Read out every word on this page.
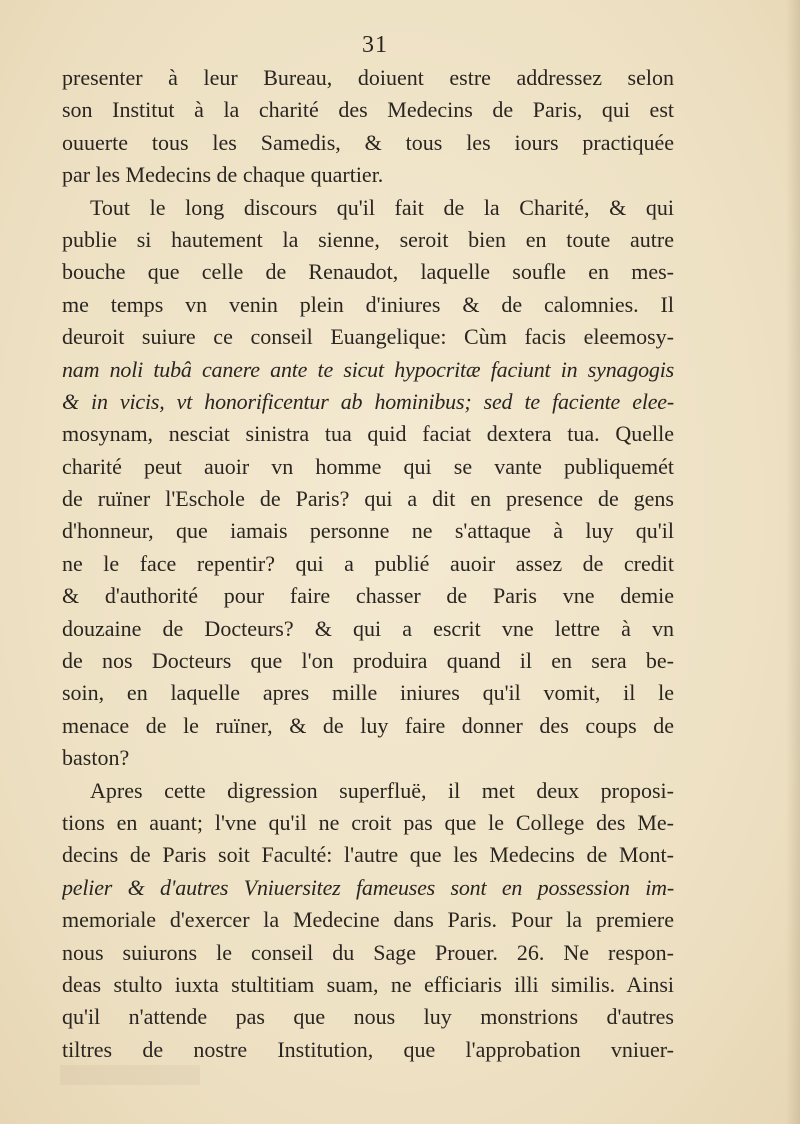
31
presenter à leur Bureau, doiuent estre addressez selon
son Institut à la charité des Medecins de Paris, qui est
ouuerte tous les Samedis, & tous les iours practiquée
par les Medecins de chaque quartier.
Tout le long discours qu'il fait de la Charité, & qui
publie si hautement la sienne, seroit bien en toute autre
bouche que celle de Renaudot, laquelle soufle en mes-
me temps vn venin plein d'iniures & de calomnies. Il
deuroit suiure ce conseil Euangelique: Cùm facis eleemosy-
nam noli tubâ canere ante te sicut hypocritæ faciunt in synagogis
& in vicis, vt honorificentur ab hominibus; sed te faciente elee-
mosynam, nesciat sinistra tua quid faciat dextera tua. Quelle
charité peut auoir vn homme qui se vante publiquemét
de ruïner l'Eschole de Paris? qui a dit en presence de gens
d'honneur, que iamais personne ne s'attaque à luy qu'il
ne le face repentir? qui a publié auoir assez de credit
& d'authorité pour faire chasser de Paris vne demie
douzaine de Docteurs? & qui a escrit vne lettre à vn
de nos Docteurs que l'on produira quand il en sera be-
soin, en laquelle apres mille iniures qu'il vomit, il le
menace de le ruïner, & de luy faire donner des coups de
baston?
Apres cette digression superfluë, il met deux proposi-
tions en auant; l'vne qu'il ne croit pas que le College des Me-
decins de Paris soit Faculté: l'autre que les Medecins de Mont-
pelier & d'autres Vniuersitez fameuses sont en possession im-
memoriale d'exercer la Medecine dans Paris. Pour la premiere
nous suiurons le conseil du Sage Prouer. 26. Ne respon-
deas stulto iuxta stultitiam suam, ne efficiaris illi similis. Ainsi
qu'il n'attende pas que nous luy monstrions d'autres
tiltres de nostre Institution, que l'approbation vniuer-
